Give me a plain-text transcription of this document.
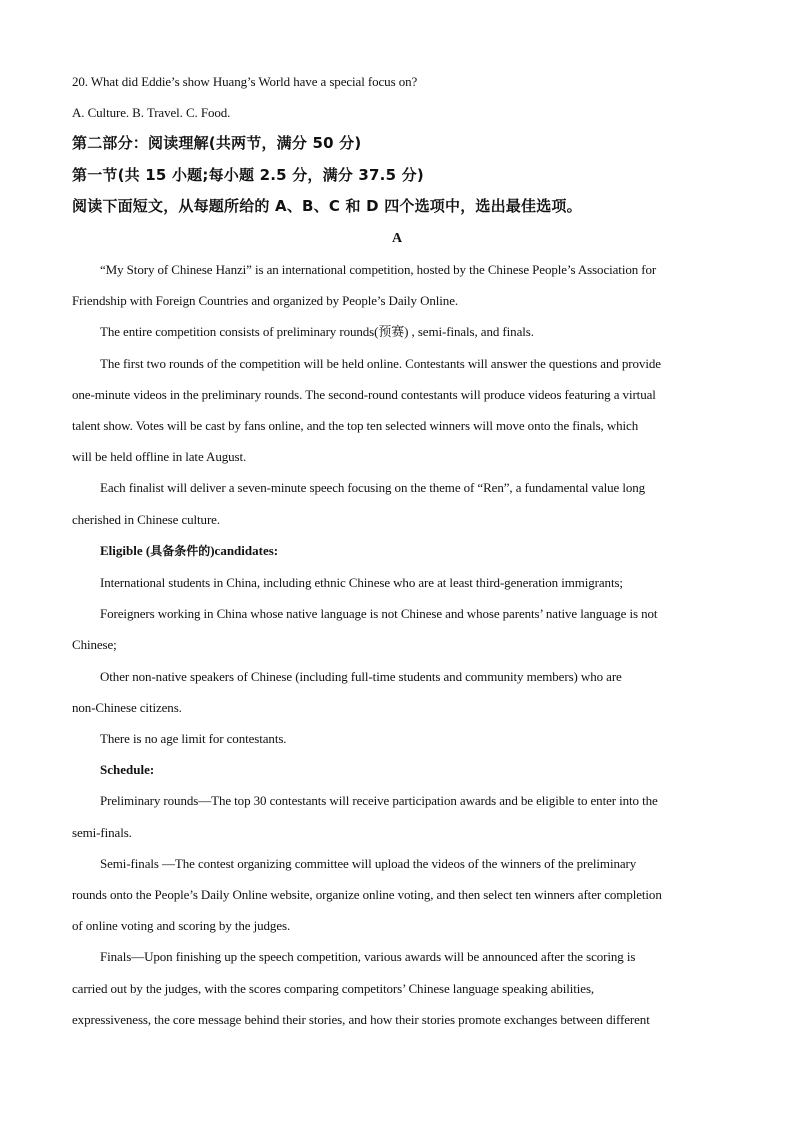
20. What did Eddie’s show Huang’s World have a special focus on?
A. Culture. B. Travel. C. Food.
第二部分：阅读理解(共两节，满分 50 分)
第一节(共 15 小题;每小题 2.5 分，满分 37.5 分)
阅读下面短文，从每题所给的 A、B、C 和 D 四个选项中，选出最佳选项。
A
“My Story of Chinese Hanzi” is an international competition, hosted by the Chinese People’s Association for
Friendship with Foreign Countries and organized by People’s Daily Online.
The entire competition consists of preliminary rounds(预赛) , semi-finals, and finals.
The first two rounds of the competition will be held online. Contestants will answer the questions and provide
one-minute videos in the preliminary rounds. The second-round contestants will produce videos featuring a virtual
talent show. Votes will be cast by fans online, and the top ten selected winners will move onto the finals, which
will be held offline in late August.
Each finalist will deliver a seven-minute speech focusing on the theme of “Ren”, a fundamental value long
cherished in Chinese culture.
Eligible (具备条件的)candidates:
International students in China, including ethnic Chinese who are at least third-generation immigrants;
Foreigners working in China whose native language is not Chinese and whose parents’ native language is not
Chinese;
Other non-native speakers of Chinese (including full-time students and community members) who are
non-Chinese citizens.
There is no age limit for contestants.
Schedule:
Preliminary rounds—The top 30 contestants will receive participation awards and be eligible to enter into the
semi-finals.
Semi-finals —The contest organizing committee will upload the videos of the winners of the preliminary
rounds onto the People’s Daily Online website, organize online voting, and then select ten winners after completion
of online voting and scoring by the judges.
Finals—Upon finishing up the speech competition, various awards will be announced after the scoring is
carried out by the judges, with the scores comparing competitors’ Chinese language speaking abilities,
expressiveness, the core message behind their stories, and how their stories promote exchanges between different
